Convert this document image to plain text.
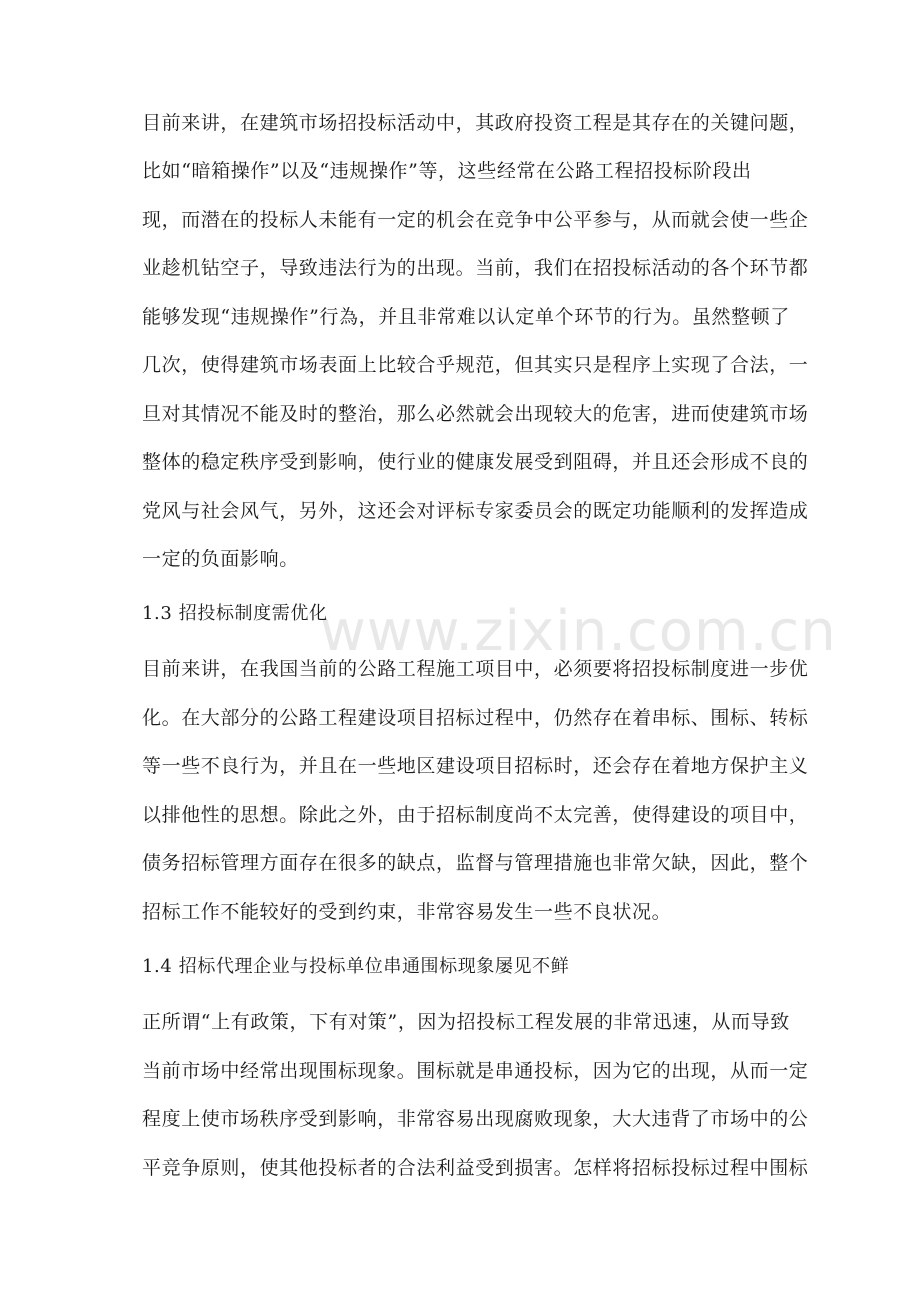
www.zixin.com.cn
目前来讲，在建筑市场招投标活动中，其政府投资工程是其存在的关键问题，
比如“暗箱操作”以及“违规操作”等，这些经常在公路工程招投标阶段出
现，而潜在的投标人未能有一定的机会在竞争中公平参与，从而就会使一些企
业趁机钻空子，导致违法行为的出现。当前，我们在招投标活动的各个环节都
能够发现“违规操作”行為，并且非常难以认定单个环节的行为。虽然整顿了
几次，使得建筑市场表面上比较合乎规范，但其实只是程序上实现了合法，一
旦对其情况不能及时的整治，那么必然就会出现较大的危害，进而使建筑市场
整体的稳定秩序受到影响，使行业的健康发展受到阻碍，并且还会形成不良的
党风与社会风气，另外，这还会对评标专家委员会的既定功能顺利的发挥造成
一定的负面影响。
1.3 招投标制度需优化
目前来讲，在我国当前的公路工程施工项目中，必须要将招投标制度进一步优
化。在大部分的公路工程建设项目招标过程中，仍然存在着串标、围标、转标
等一些不良行为，并且在一些地区建设项目招标时，还会存在着地方保护主义
以排他性的思想。除此之外，由于招标制度尚不太完善，使得建设的项目中，
债务招标管理方面存在很多的缺点，监督与管理措施也非常欠缺，因此，整个
招标工作不能较好的受到约束，非常容易发生一些不良状况。
1.4 招标代理企业与投标单位串通围标现象屡见不鲜
正所谓“上有政策，下有对策”，因为招投标工程发展的非常迅速，从而导致
当前市场中经常出现围标现象。围标就是串通投标，因为它的出现，从而一定
程度上使市场秩序受到影响，非常容易出现腐败现象，大大违背了市场中的公
平竞争原则，使其他投标者的合法利益受到损害。怎样将招标投标过程中围标
